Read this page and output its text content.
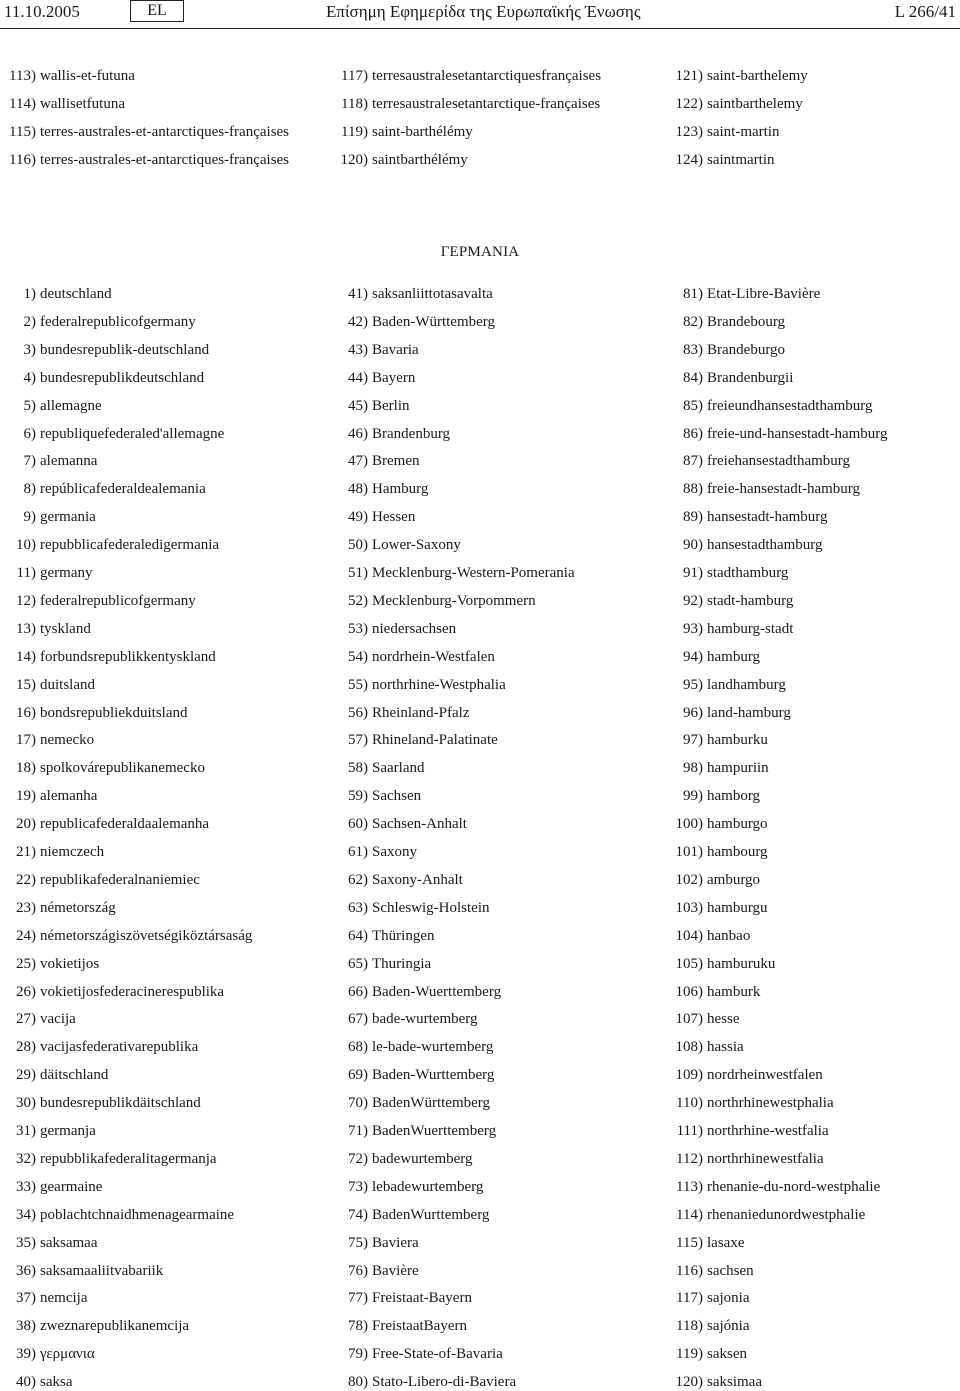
11.10.2005	EL	Επίσημη Εφημερίδα της Ευρωπαϊκής Ένωσης	L 266/41
113) wallis-et-futuna
114) wallisetfutuna
115) terres-australes-et-antarctiques-françaises
116) terres-australes-et-antarctiques-françaises
117) terresaustralesetantarctiquesfrançaises
118) terresaustralesetantarctique-françaises
119) saint-barthélémy
120) saintbarthélémy
121) saint-barthelemy
122) saintbarthelemy
123) saint-martin
124) saintmartin
ΓΕΡΜΑΝΙΑ
1) deutschland
2) federalrepublicofgermany
3) bundesrepublik-deutschland
4) bundesrepublikdeutschland
5) allemagne
6) republiquefederaled'allemagne
7) alemanna
8) repúblicafederaldealemania
9) germania
10) repubblicafederaledigermania
11) germany
12) federalrepublicofgermany
13) tyskland
14) forbundsrepublikkentyskland
15) duitsland
16) bondsrepubliekduitsland
17) nemecko
18) spolkovárepublikanemecko
19) alemanha
20) republicafederaldaalemanha
21) niemczech
22) republikafederalnaniemiec
23) németország
24) németországiszövetségiköztársaság
25) vokietijos
26) vokietijosfederacinerespublika
27) vacija
28) vacijasfederativarepublika
29) däitschland
30) bundesrepublikdäitschland
31) germanja
32) repubblikafederalitagermanja
33) gearmaine
34) poblachtchnaidhmenagearmaine
35) saksamaa
36) saksamaaliitvabariik
37) nemcija
38) zweznarepublikanemcija
39) γερμανια
40) saksa
41) saksanliittotasavalta
42) Baden-Württemberg
43) Bavaria
44) Bayern
45) Berlin
46) Brandenburg
47) Bremen
48) Hamburg
49) Hessen
50) Lower-Saxony
51) Mecklenburg-Western-Pomerania
52) Mecklenburg-Vorpommern
53) niedersachsen
54) nordrhein-Westfalen
55) northrhine-Westphalia
56) Rheinland-Pfalz
57) Rhineland-Palatinate
58) Saarland
59) Sachsen
60) Sachsen-Anhalt
61) Saxony
62) Saxony-Anhalt
63) Schleswig-Holstein
64) Thüringen
65) Thuringia
66) Baden-Wuerttemberg
67) bade-wurtemberg
68) le-bade-wurtemberg
69) Baden-Wurttemberg
70) BadenWürttemberg
71) BadenWuerttemberg
72) badewurtemberg
73) lebadewurtemberg
74) BadenWurttemberg
75) Baviera
76) Bavière
77) Freistaat-Bayern
78) FreistaatBayern
79) Free-State-of-Bavaria
80) Stato-Libero-di-Baviera
81) Etat-Libre-Bavière
82) Brandebourg
83) Brandeburgo
84) Brandenburgii
85) freieundhansestadthamburg
86) freie-und-hansestadt-hamburg
87) freiehansestadthamburg
88) freie-hansestadt-hamburg
89) hansestadt-hamburg
90) hansestadthamburg
91) stadthamburg
92) stadt-hamburg
93) hamburg-stadt
94) hamburg
95) landhamburg
96) land-hamburg
97) hamburku
98) hampuriin
99) hamborg
100) hamburgo
101) hambourg
102) amburgo
103) hamburgu
104) hanbao
105) hamburuku
106) hamburk
107) hesse
108) hassia
109) nordrheinwestfalen
110) northrhinewestphalia
111) northrhine-westfalia
112) northrhinewestfalia
113) rhenanie-du-nord-westphalie
114) rhenaniedunordwestphalie
115) lasaxe
116) sachsen
117) sajonia
118) sajónia
119) saksen
120) saksimaa
